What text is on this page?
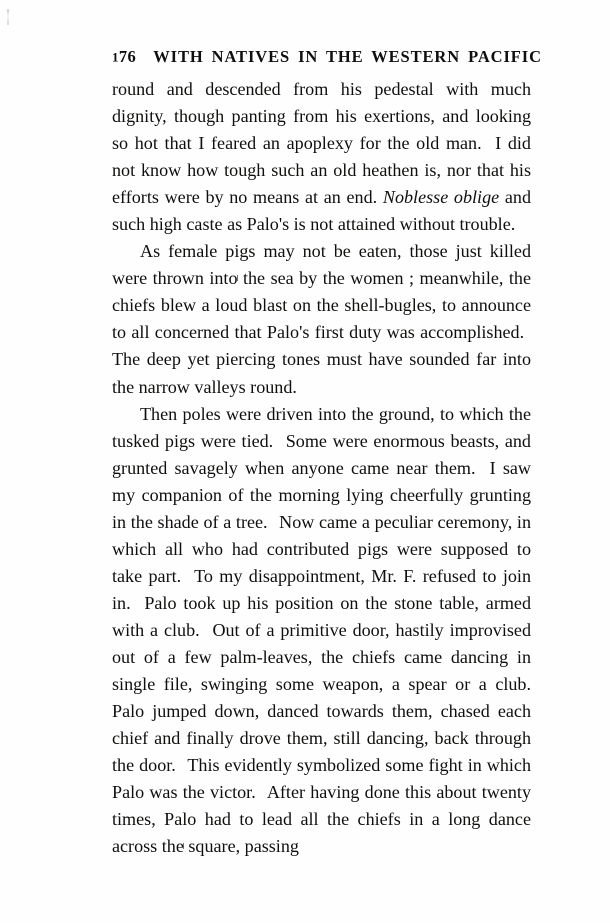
176 WITH NATIVES IN THE WESTERN PACIFIC

round and descended from his pedestal with much dignity, though panting from his exertions, and looking so hot that I feared an apoplexy for the old man. I did not know how tough such an old heathen is, nor that his efforts were by no means at an end. Noblesse oblige and such high caste as Palo's is not attained without trouble.

As female pigs may not be eaten, those just killed were thrown into the sea by the women ; meanwhile, the chiefs blew a loud blast on the shell-bugles, to announce to all concerned that Palo's first duty was accomplished. The deep yet piercing tones must have sounded far into the narrow valleys round.

Then poles were driven into the ground, to which the tusked pigs were tied. Some were enormous beasts, and grunted savagely when anyone came near them. I saw my companion of the morning lying cheerfully grunting in the shade of a tree. Now came a peculiar ceremony, in which all who had contributed pigs were supposed to take part. To my disappointment, Mr. F. refused to join in. Palo took up his position on the stone table, armed with a club. Out of a primitive door, hastily improvised out of a few palm-leaves, the chiefs came dancing in single file, swinging some weapon, a spear or a club. Palo jumped down, danced towards them, chased each chief and finally drove them, still dancing, back through the door. This evidently symbolized some fight in which Palo was the victor. After having done this about twenty times, Palo had to lead all the chiefs in a long dance across the square, passing
